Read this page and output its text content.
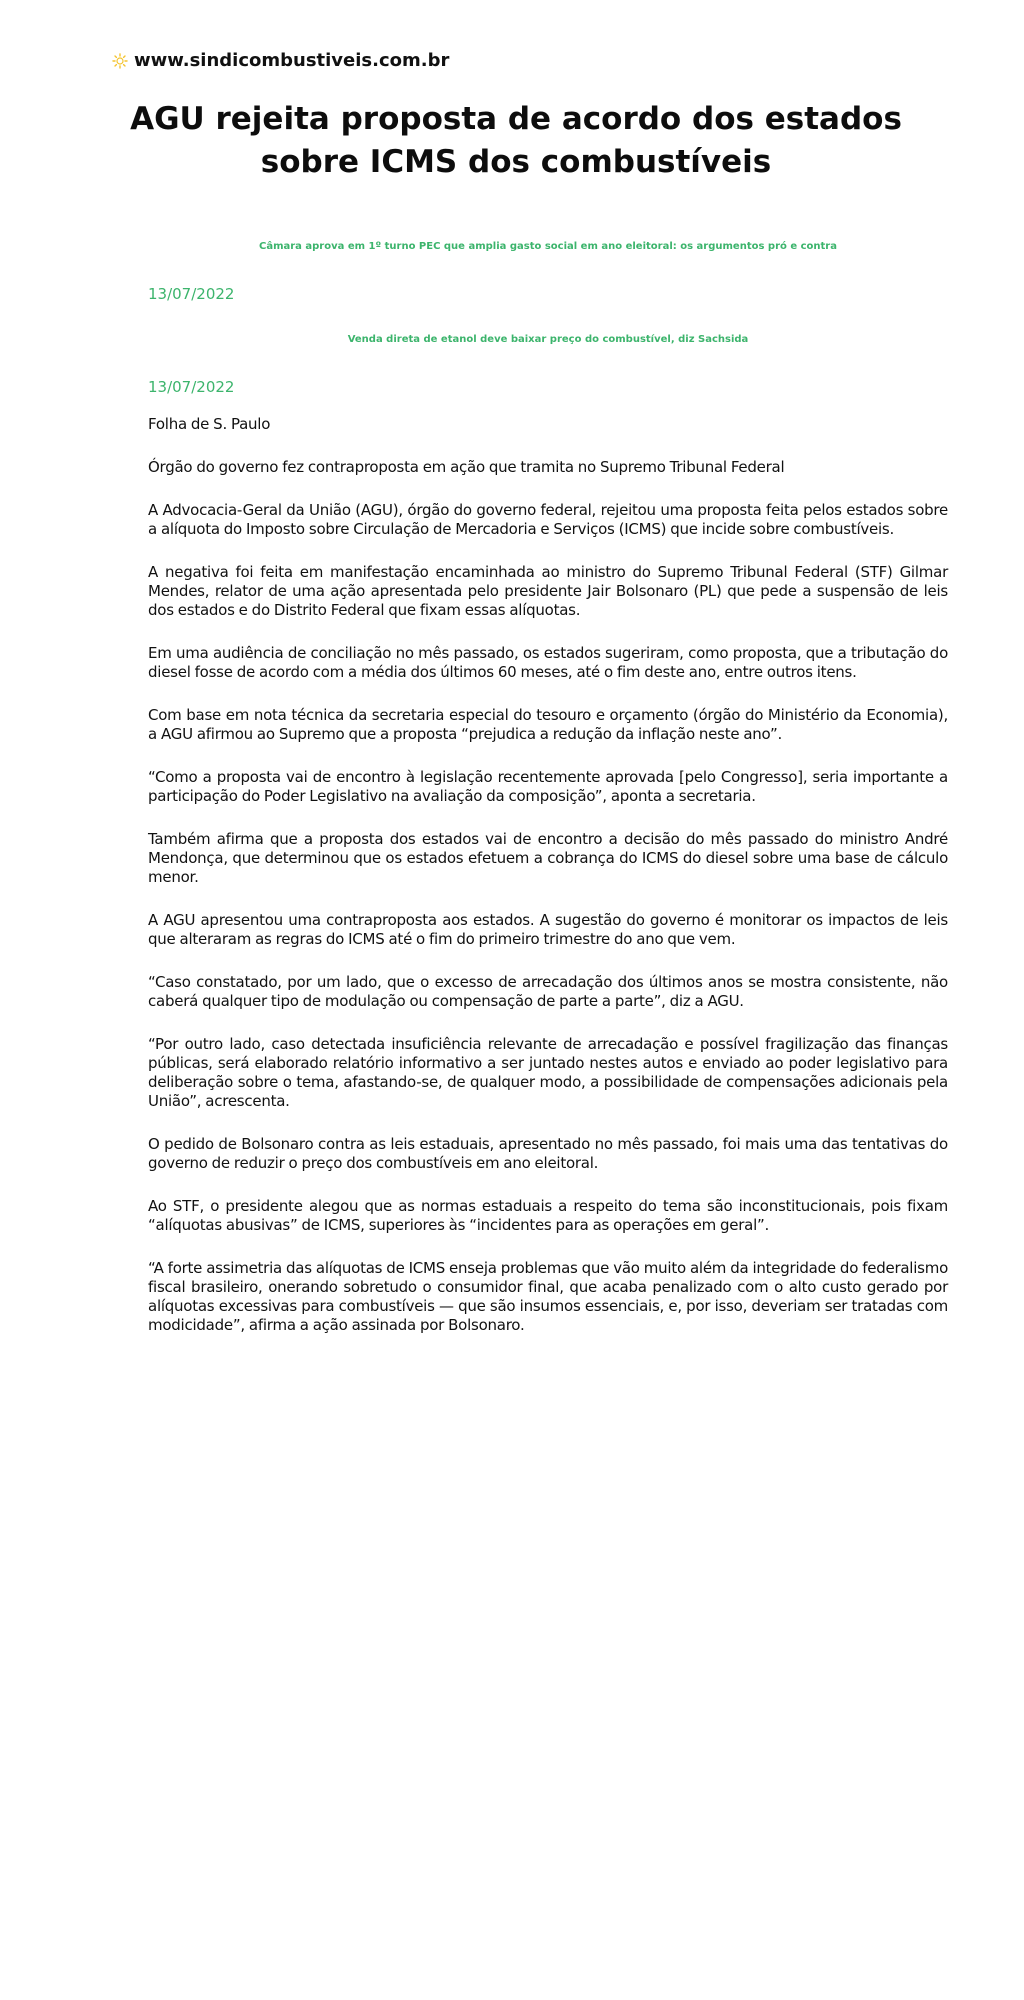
www.sindicombustiveis.com.br
AGU rejeita proposta de acordo dos estados sobre ICMS dos combustíveis
Câmara aprova em 1º turno PEC que amplia gasto social em ano eleitoral: os argumentos pró e contra
13/07/2022
Venda direta de etanol deve baixar preço do combustível, diz Sachsida
13/07/2022

Folha de S. Paulo

Órgão do governo fez contraproposta em ação que tramita no Supremo Tribunal Federal

A Advocacia-Geral da União (AGU), órgão do governo federal, rejeitou uma proposta feita pelos estados sobre a alíquota do Imposto sobre Circulação de Mercadoria e Serviços (ICMS) que incide sobre combustíveis.

A negativa foi feita em manifestação encaminhada ao ministro do Supremo Tribunal Federal (STF) Gilmar Mendes, relator de uma ação apresentada pelo presidente Jair Bolsonaro (PL) que pede a suspensão de leis dos estados e do Distrito Federal que fixam essas alíquotas.

Em uma audiência de conciliação no mês passado, os estados sugeriram, como proposta, que a tributação do diesel fosse de acordo com a média dos últimos 60 meses, até o fim deste ano, entre outros itens.

Com base em nota técnica da secretaria especial do tesouro e orçamento (órgão do Ministério da Economia), a AGU afirmou ao Supremo que a proposta “prejudica a redução da inflação neste ano”.

“Como a proposta vai de encontro à legislação recentemente aprovada [pelo Congresso], seria importante a participação do Poder Legislativo na avaliação da composição”, aponta a secretaria.

Também afirma que a proposta dos estados vai de encontro a decisão do mês passado do ministro André Mendonça, que determinou que os estados efetuem a cobrança do ICMS do diesel sobre uma base de cálculo menor.

A AGU apresentou uma contraproposta aos estados. A sugestão do governo é monitorar os impactos de leis que alteraram as regras do ICMS até o fim do primeiro trimestre do ano que vem.

“Caso constatado, por um lado, que o excesso de arrecadação dos últimos anos se mostra consistente, não caberá qualquer tipo de modulação ou compensação de parte a parte”, diz a AGU.

“Por outro lado, caso detectada insuficiência relevante de arrecadação e possível fragilização das finanças públicas, será elaborado relatório informativo a ser juntado nestes autos e enviado ao poder legislativo para deliberação sobre o tema, afastando-se, de qualquer modo, a possibilidade de compensações adicionais pela União”, acrescenta.

O pedido de Bolsonaro contra as leis estaduais, apresentado no mês passado, foi mais uma das tentativas do governo de reduzir o preço dos combustíveis em ano eleitoral.

Ao STF, o presidente alegou que as normas estaduais a respeito do tema são inconstitucionais, pois fixam “alíquotas abusivas” de ICMS, superiores às “incidentes para as operações em geral”.

“A forte assimetria das alíquotas de ICMS enseja problemas que vão muito além da integridade do federalismo fiscal brasileiro, onerando sobretudo o consumidor final, que acaba penalizado com o alto custo gerado por alíquotas excessivas para combustíveis — que são insumos essenciais, e, por isso, deveriam ser tratadas com modicidade”, afirma a ação assinada por Bolsonaro.
